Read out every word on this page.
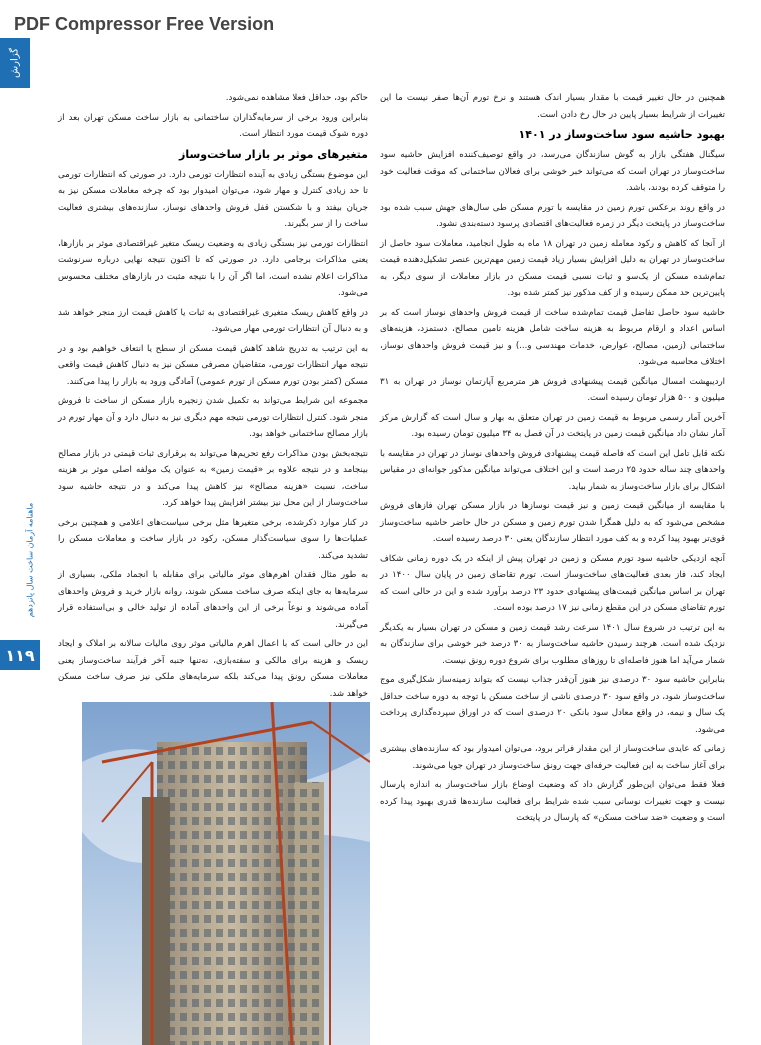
PDF Compressor Free Version
گزارش
ماهنامه آرمان ساخت سال پانزدهم
۱۱۹

همچنین در حال تغییر قیمت با مقدار بسیار اندک هستند و نرخ تورم آن‌ها صفر نیست ما این تغییرات از شرایط بسیار پایین در حال رخ دادن است.

بهبود حاشیه سود ساخت‌وساز در ۱۴۰۱

سیگنال‌ هفتگی بازار به گوش سازندگان می‌رسد، در واقع توصیف‌کننده افزایش حاشیه سود ساخت‌وساز در تهران است که می‌تواند خبر خوشی برای فعالان ساختمانی که موقت فعالیت خود را متوقف کرده بودند، باشد.

در واقع روند برعکس تورم زمین در مقایسه با تورم مسکن طی سال‌های جهش سبب شده بود ساخت‌وساز در پایتخت دیگر در زمره فعالیت‌های اقتصادی پرسود دسته‌بندی نشود.

از آنجا که کاهش و رکود معامله زمین در تهران ۱۸ ماه به طول انجامید، معاملات سود حاصل از ساخت‌وساز در تهران به دلیل افزایش بسیار زیاد قیمت زمین مهم‌ترین عنصر تشکیل‌دهنده قیمت تمام‌شده مسکن از یک‌سو و ثبات نسبی قیمت مسکن در بازار معاملات از سوی دیگر، به پایین‌ترین حد ممکن رسیده و از کف مذکور نیز کمتر شده بود.

حاشیه سود حاصل تفاضل قیمت تمام‌شده ساخت از قیمت فروش واحدهای نوساز است که بر اساس اعداد و ارقام مربوط به هزینه ساخت شامل هزینه تامین مصالح، دستمزد، هزینه‌های ساختمانی (زمین، مصالح، عوارض، خدمات مهندسی و...) و نیز قیمت فروش واحدهای نوساز، اختلاف محاسبه می‌شود.

اردیبهشت امسال میانگین قیمت پیشنهادی فروش هر مترمربع آپارتمان نوساز در تهران به ۳۱ میلیون و ۵۰۰ هزار تومان رسیده است.

آخرین آمار رسمی مربوط به قیمت زمین در تهران متعلق به بهار و سال است که گزارش مرکز آمار نشان داد میانگین قیمت زمین در پایتخت در آن فصل به ۳۴ میلیون تومان رسیده بود.

نکته قابل تامل این است که فاصله قیمت پیشنهادی فروش واحدهای نوساز در تهران در مقایسه با واحدهای چند ساله حدود ۲۵ درصد است و این اختلاف می‌تواند میانگین مذکور جوانه‌ای در مقیاس اشکال برای بازار ساخت‌وساز به شمار بیاید.

با مقایسه از میانگین قیمت زمین و نیز قیمت نوسازها در بازار مسکن تهران فاز‌های فروش مشخص می‌شود که به دلیل همگرا شدن تورم زمین و مسکن در حال حاضر حاشیه ساخت‌وساز قوی‌تر بهبود پیدا کرده و به کف مورد انتظار سازندگان یعنی ۳۰ درصد رسیده است.

آنچه ازدیکی حاشیه سود تورم مسکن و زمین در تهران پیش از اینکه در یک دوره زمانی شکاف ایجاد کند، فاز بعدی فعالیت‌های ساخت‌وساز است. تورم تقاضای زمین در پایان سال ۱۴۰۰ در تهران بر اساس میانگین قیمت‌های پیشنهادی حدود ۲۳ درصد برآورد شده و این در حالی است که تورم تقاضای مسکن در این مقطع زمانی نیز ۱۷ درصد بوده است.

به این ترتیب در شروع سال ۱۴۰۱ سرعت رشد قیمت زمین و مسکن در تهران بسیار به یکدیگر نزدیک شده است. هرچند رسیدن حاشیه ساخت‌وساز به ۳۰ درصد خبر خوشی برای سازندگان به شمار می‌آید اما هنوز فاصله‌ای تا روزهای مطلوب برای شروع دوره رونق نیست.

بنابراین حاشیه سود ۳۰ درصدی نیز هنوز آن‌قدر جذاب نیست که بتواند زمینه‌ساز شکل‌گیری موج ساخت‌وساز شود، در واقع سود ۳۰ درصدی ناشی از ساخت مسکن با توجه به دوره ساخت حداقل یک سال و نیمه، در واقع معادل سود بانکی ۲۰ درصدی است که در اوراق سپرده‌گذاری پرداخت می‌شود.

زمانی که عایدی ساخت‌وساز از این مقدار فراتر برود، می‌توان امیدوار بود که سازنده‌های بیشتری برای آغاز ساخت به این فعالیت حرفه‌ای جهت رونق ساخت‌وساز در تهران جویا می‌شوند.

فعلا فقط می‌توان این‌طور گزارش داد که وضعیت اوضاع بازار ساخت‌وساز به اندازه پارسال نیست و جهت تغییرات نوسانی سبب شده شرایط برای فعالیت سازنده‌ها قدری بهبود پیدا کرده است و وضعیت «ضد ساخت مسکن» که پارسال در پایتخت

حاکم بود، حداقل فعلا مشاهده نمی‌شود.

بنابراین ورود برخی از سرمایه‌گذاران ساختمانی به بازار ساخت مسکن تهران بعد از دوره شوک قیمت مورد انتظار است.

متغیرهای موثر بر بازار ساخت‌وساز

این موضوع بستگی زیادی به آینده انتظارات تورمی دارد. در صورتی که انتظارات تورمی تا حد زیادی کنترل و مهار شود، می‌توان امیدوار بود که چرخه معاملات مسکن نیز به جریان بیفتد و با شکستن قفل فروش واحدهای نوساز، سازنده‌های بیشتری فعالیت ساخت را از سر بگیرند.

انتظارات تورمی نیز بستگی زیادی به وضعیت ریسک متغیر غیراقتصادی موثر بر بازارها، یعنی مذاکرات برجامی دارد. در صورتی که تا اکنون نتیجه نهایی درباره سرنوشت مذاکرات اعلام نشده است، اما اگر آن را با نتیجه مثبت در بازارهای مختلف محسوس می‌شود.

در واقع کاهش ریسک متغیری غیراقتصادی به ثبات یا کاهش قیمت ارز منجر خواهد شد و به دنبال آن انتظارات تورمی مهار می‌شود.

به این ترتیب به تدریج شاهد کاهش قیمت مسکن از سطح یا انتعاف خواهیم بود و در نتیجه مهار انتظارات تورمی، متقاضیان مصرفی مسکن نیز به دنبال کاهش قیمت واقعی مسکن (کمتر بودن تورم مسکن از تورم عمومی) آمادگی ورود به بازار را پیدا می‌کنند.

مجموعه این شرایط می‌تواند به تکمیل شدن زنجیره بازار مسکن از ساخت تا فروش منجر شود. کنترل انتظارات تورمی نتیجه مهم دیگری نیز به دنبال دارد و آن مهار تورم در بازار مصالح ساختمانی خواهد بود.

نتیجه‌بخش بودن مذاکرات رفع تحریم‌ها می‌تواند به برقراری ثبات قیمتی در بازار مصالح بینجامد و در نتیجه علاوه بر «قیمت زمین» به عنوان یک مولفه اصلی موثر بر هزینه ساخت، نسبت «هزینه مصالح» نیز کاهش پیدا می‌کند و در نتیجه حاشیه سود ساخت‌وساز از این محل نیز بیشتر افزایش پیدا خواهد کرد.

در کنار موارد ذکرشده، برخی متغیرها مثل برخی سیاست‌های اعلامی و همچنین برخی عملیات‌ها را سوی سیاست‌گذار مسکن، رکود در بازار ساخت و معاملات مسکن را تشدید می‌کند.

به طور مثال فقدان اهرم‌های موثر مالیاتی برای مقابله با انجماد ملکی، بسیاری از سرمایه‌ها به جای اینکه صرف ساخت مسکن شوند، روانه بازار خرید و فروش واحدهای آماده می‌شوند و نوعاً برخی از این واحدهای آماده از تولید خالی و بی‌استفاده قرار می‌گیرند.

این در حالی است که با اعمال اهرم مالیاتی موثر روی مالیات سالانه بر املاک و ایجاد ریسک و هزینه برای مالکی و سفته‌بازی، نه‌تنها جنبه آخر فرآیند ساخت‌وساز یعنی معاملات مسکن رونق پیدا می‌کند بلکه سرمایه‌های ملکی نیز صرف ساخت مسکن خواهد شد.
